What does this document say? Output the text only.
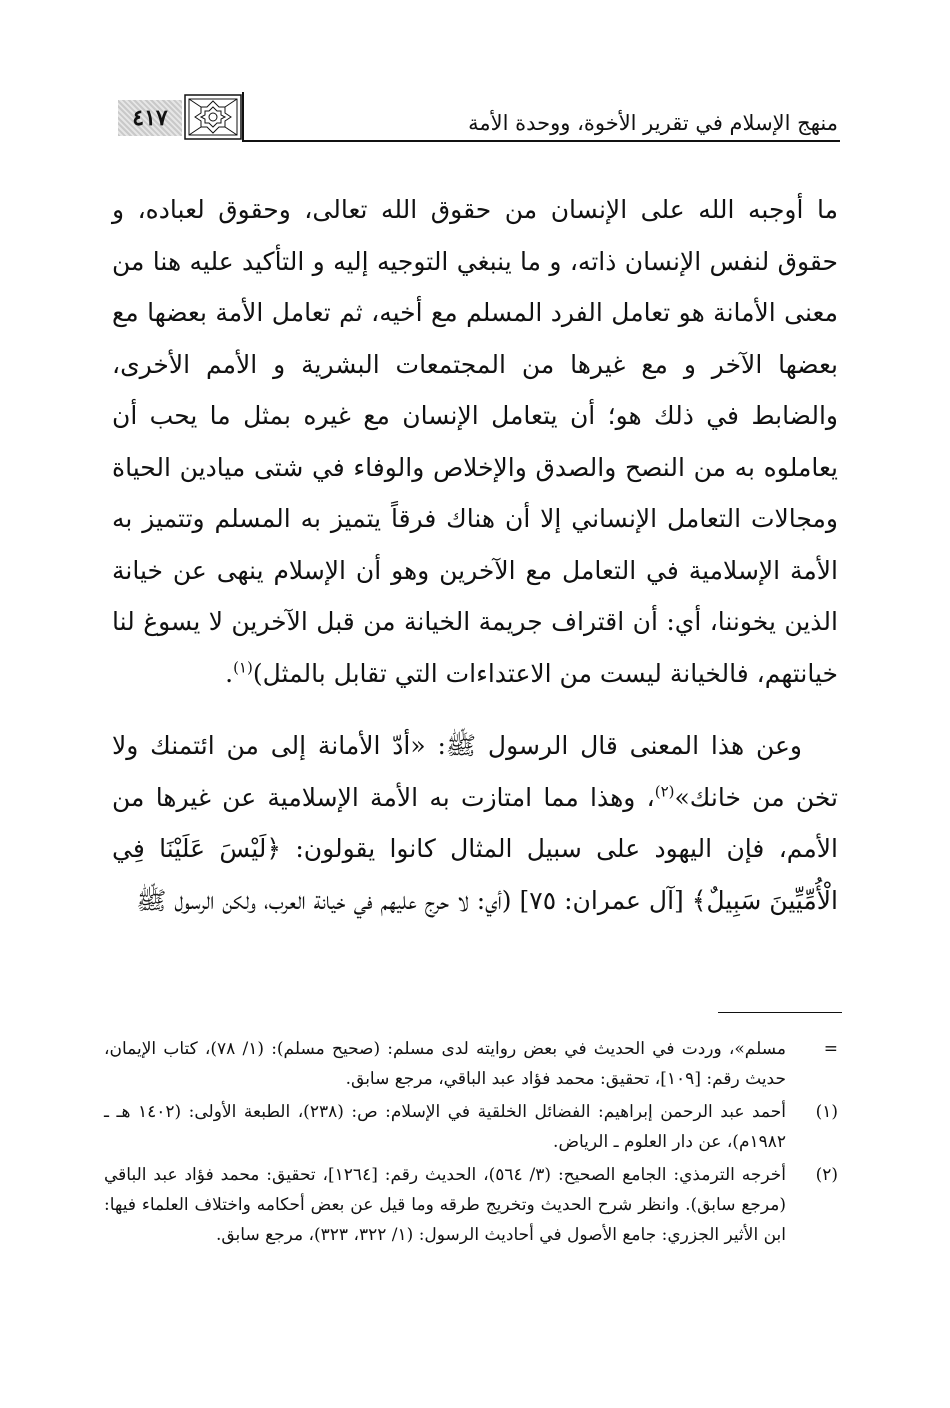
منهج الإسلام في تقرير الأخوة، ووحدة الأمة
٤١٧
ما أوجبه الله على الإنسان من حقوق الله تعالى، وحقوق لعباده، و حقوق لنفس الإنسان ذاته، و ما ينبغي التوجيه إليه و التأكيد عليه هنا من معنى الأمانة هو تعامل الفرد المسلم مع أخيه، ثم تعامل الأمة بعضها مع بعضها الآخر و مع غيرها من المجتمعات البشرية و الأمم الأخرى، والضابط في ذلك هو؛ أن يتعامل الإنسان مع غيره بمثل ما يحب أن يعاملوه به من النصح والصدق والإخلاص والوفاء في شتى ميادين الحياة ومجالات التعامل الإنساني إلا أن هناك فرقاً يتميز به المسلم وتتميز به الأمة الإسلامية في التعامل مع الآخرين وهو أن الإسلام ينهى عن خيانة الذين يخوننا، أي: أن اقتراف جريمة الخيانة من قبل الآخرين لا يسوغ لنا خيانتهم، فالخيانة ليست من الاعتداءات التي تقابل بالمثل)$^{(١)}$.
وعن هذا المعنى قال الرسول ﷺ: «أدّ الأمانة إلى من ائتمنك ولا تخن من خانك»$^{(٢)}$، وهذا مما امتازت به الأمة الإسلامية عن غيرها من الأمم، فإن اليهود على سبيل المثال كانوا يقولون: ﴿لَيْسَ عَلَيْنَا فِي الْأُمِّيِّينَ سَبِيلٌ﴾ [آل عمران: ٧٥] (أي: لا حرج عليهم في خيانة العرب، ولكن الرسول ﷺ
=
مسلم»، وردت في الحديث في بعض روايته لدى مسلم: (صحيح مسلم): (١/ ٧٨)، كتاب الإيمان، حديث رقم: [١٠٩]، تحقيق: محمد فؤاد عبد الباقي، مرجع سابق.
(١)
أحمد عبد الرحمن إبراهيم: الفضائل الخلقية في الإسلام: ص: (٢٣٨)، الطبعة الأولى: (١٤٠٢ هـ ـ ١٩٨٢م)، عن دار العلوم ـ الرياض.
(٢)
أخرجه الترمذي: الجامع الصحيح: (٣/ ٥٦٤)، الحديث رقم: [١٢٦٤]، تحقيق: محمد فؤاد عبد الباقي (مرجع سابق). وانظر شرح الحديث وتخريج طرقه وما قيل عن بعض أحكامه واختلاف العلماء فيها: ابن الأثير الجزري: جامع الأصول في أحاديث الرسول: (١/ ٣٢٢، ٣٢٣)، مرجع سابق.
